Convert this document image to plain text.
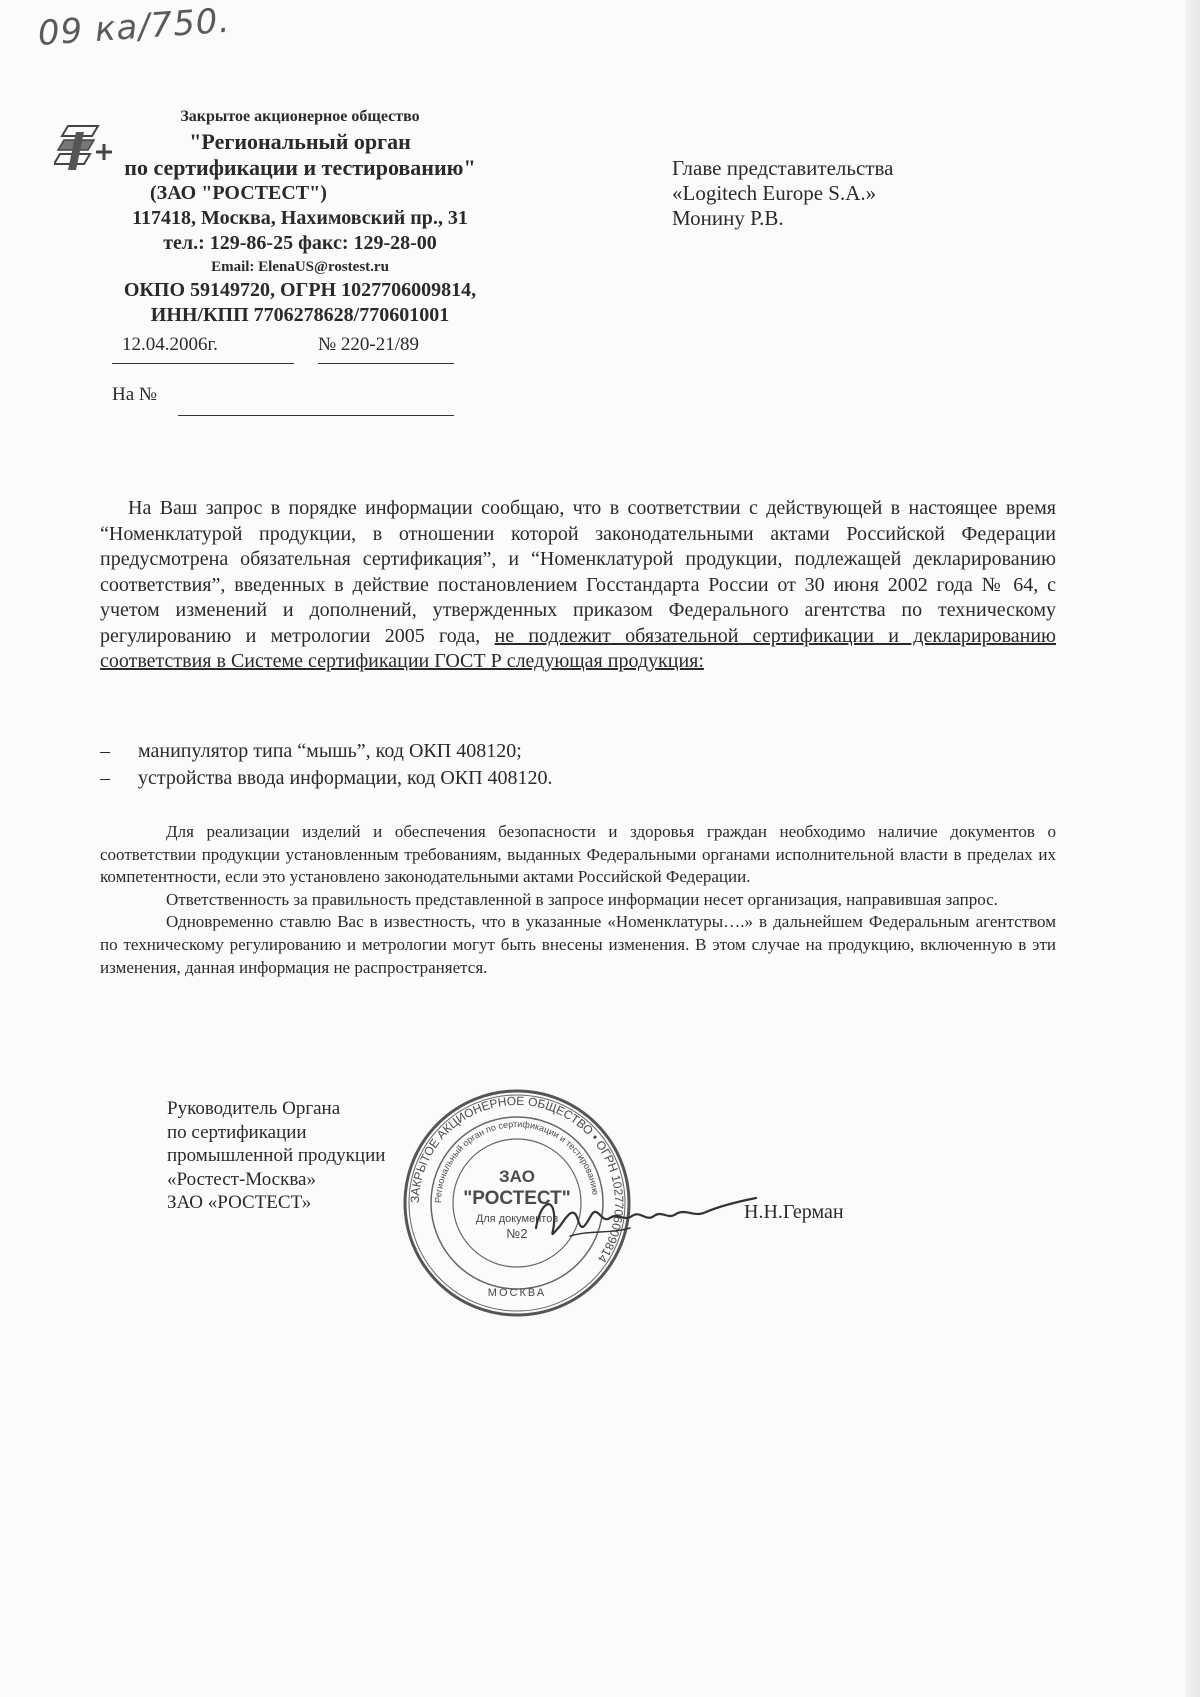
09 ка/750.
Закрытое акционерное общество
"Региональный орган
по сертификации и тестированию"
(ЗАО "РОСТЕСТ")
117418, Москва, Нахимовский пр., 31
тел.: 129-86-25 факс: 129-28-00
Email: ElenaUS@rostest.ru
ОКПО 59149720, ОГРН 1027706009814,
ИНН/КПП 7706278628/770601001
12.04.2006г.	№ 220-21/89
На №
Главе представительства
«Logitech Europe S.A.»
Монину Р.В.
На Ваш запрос в порядке информации сообщаю, что в соответствии с действующей в настоящее время “Номенклатурой продукции, в отношении которой законодательными актами Российской Федерации предусмотрена обязательная сертификация”, и “Номенклатурой продукции, подлежащей декларированию соответствия”, введенных в действие постановлением Госстандарта России от 30 июня 2002 года № 64, с учетом изменений и дополнений, утвержденных приказом Федерального агентства по техническому регулированию и метрологии 2005 года, не подлежит обязательной сертификации и декларированию соответствия в Системе сертификации ГОСТ Р следующая продукция:
– манипулятор типа “мышь”, код ОКП 408120;
– устройства ввода информации, код ОКП 408120.

Для реализации изделий и обеспечения безопасности и здоровья граждан необходимо наличие документов о соответствии продукции установленным требованиям, выданных Федеральными органами исполнительной власти в пределах их компетентности, если это установлено законодательными актами Российской Федерации.

Ответственность за правильность представленной в запросе информации несет организация, направившая запрос.

Одновременно ставлю Вас в известность, что в указанные «Номенклатуры….» в дальнейшем Федеральным агентством по техническому регулированию и метрологии могут быть внесены изменения. В этом случае на продукцию, включенную в эти изменения, данная информация не распространяется.

Руководитель Органа
по сертификации
промышленной продукции
«Ростест-Москва»
ЗАО «РОСТЕСТ»	ЗАКРЫТОЕ АКЦИОНЕРНОЕ ОБЩЕСТВО • ОГРН 1027706009814
Региональный орган по сертификации и тестированию
ЗАО
"РОСТЕСТ"
Для документов
№2
МОСКВА
Н.Н.Герман
